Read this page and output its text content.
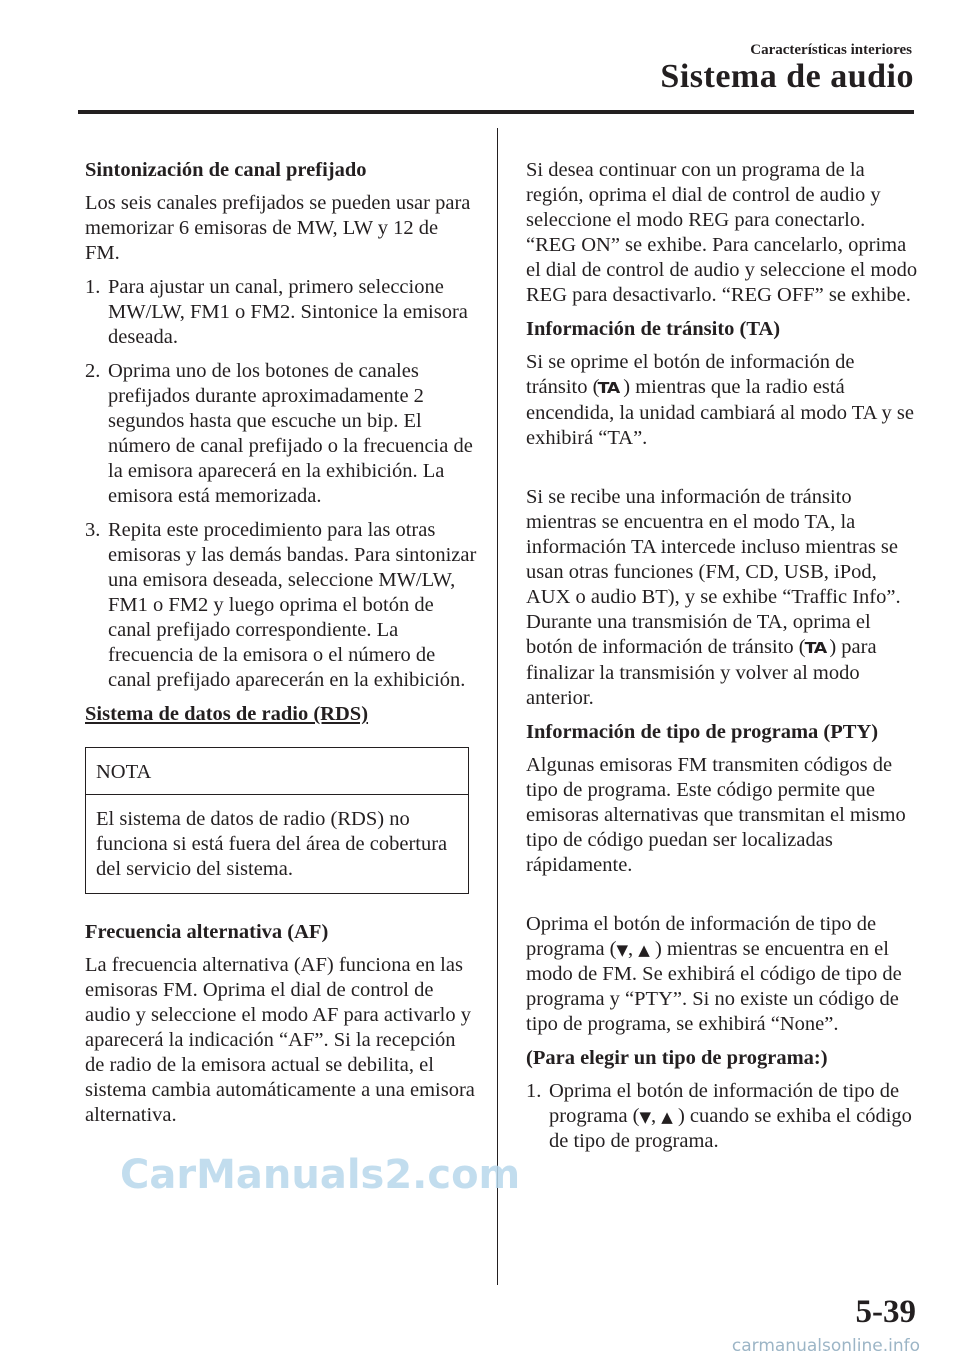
Características interiores
Sistema de audio

Sintonización de canal prefijado

Los seis canales prefijados se pueden usar para memorizar 6 emisoras de MW, LW y 12 de FM.

1. Para ajustar un canal, primero seleccione MW/LW, FM1 o FM2. Sintonice la emisora deseada.
2. Oprima uno de los botones de canales prefijados durante aproximadamente 2 segundos hasta que escuche un bip. El número de canal prefijado o la frecuencia de la emisora aparecerá en la exhibición. La emisora está memorizada.
3. Repita este procedimiento para las otras emisoras y las demás bandas. Para sintonizar una emisora deseada, seleccione MW/LW, FM1 o FM2 y luego oprima el botón de canal prefijado correspondiente. La frecuencia de la emisora o el número de canal prefijado aparecerán en la exhibición.

Sistema de datos de radio (RDS)

NOTA
El sistema de datos de radio (RDS) no funciona si está fuera del área de cobertura del servicio del sistema.

Frecuencia alternativa (AF)

La frecuencia alternativa (AF) funciona en las emisoras FM. Oprima el dial de control de audio y seleccione el modo AF para activarlo y aparecerá la indicación “AF”. Si la recepción de radio de la emisora actual se debilita, el sistema cambia automáticamente a una emisora alternativa.

Si desea continuar con un programa de la región, oprima el dial de control de audio y seleccione el modo REG para conectarlo. “REG ON” se exhibe. Para cancelarlo, oprima el dial de control de audio y seleccione el modo REG para desactivarlo. “REG OFF” se exhibe.

Información de tránsito (TA)

Si se oprime el botón de información de tránsito (TA ) mientras que la radio está encendida, la unidad cambiará al modo TA y se exhibirá “TA”.

Si se recibe una información de tránsito mientras se encuentra en el modo TA, la información TA intercede incluso mientras se usan otras funciones (FM, CD, USB, iPod, AUX o audio BT), y se exhibe “Traffic Info”.

Durante una transmisión de TA, oprima el botón de información de tránsito (TA ) para finalizar la transmisión y volver al modo anterior.

Información de tipo de programa (PTY)

Algunas emisoras FM transmiten códigos de tipo de programa. Este código permite que emisoras alternativas que transmitan el mismo tipo de código puedan ser localizadas rápidamente.

Oprima el botón de información de tipo de programa (▼, ▲ ) mientras se encuentra en el modo de FM. Se exhibirá el código de tipo de programa y “PTY”. Si no existe un código de tipo de programa, se exhibirá “None”.

(Para elegir un tipo de programa:)

1. Oprima el botón de información de tipo de programa (▼, ▲ ) cuando se exhiba el código de tipo de programa.
5-39
CarManuals2.com
carmanualsonline.info
